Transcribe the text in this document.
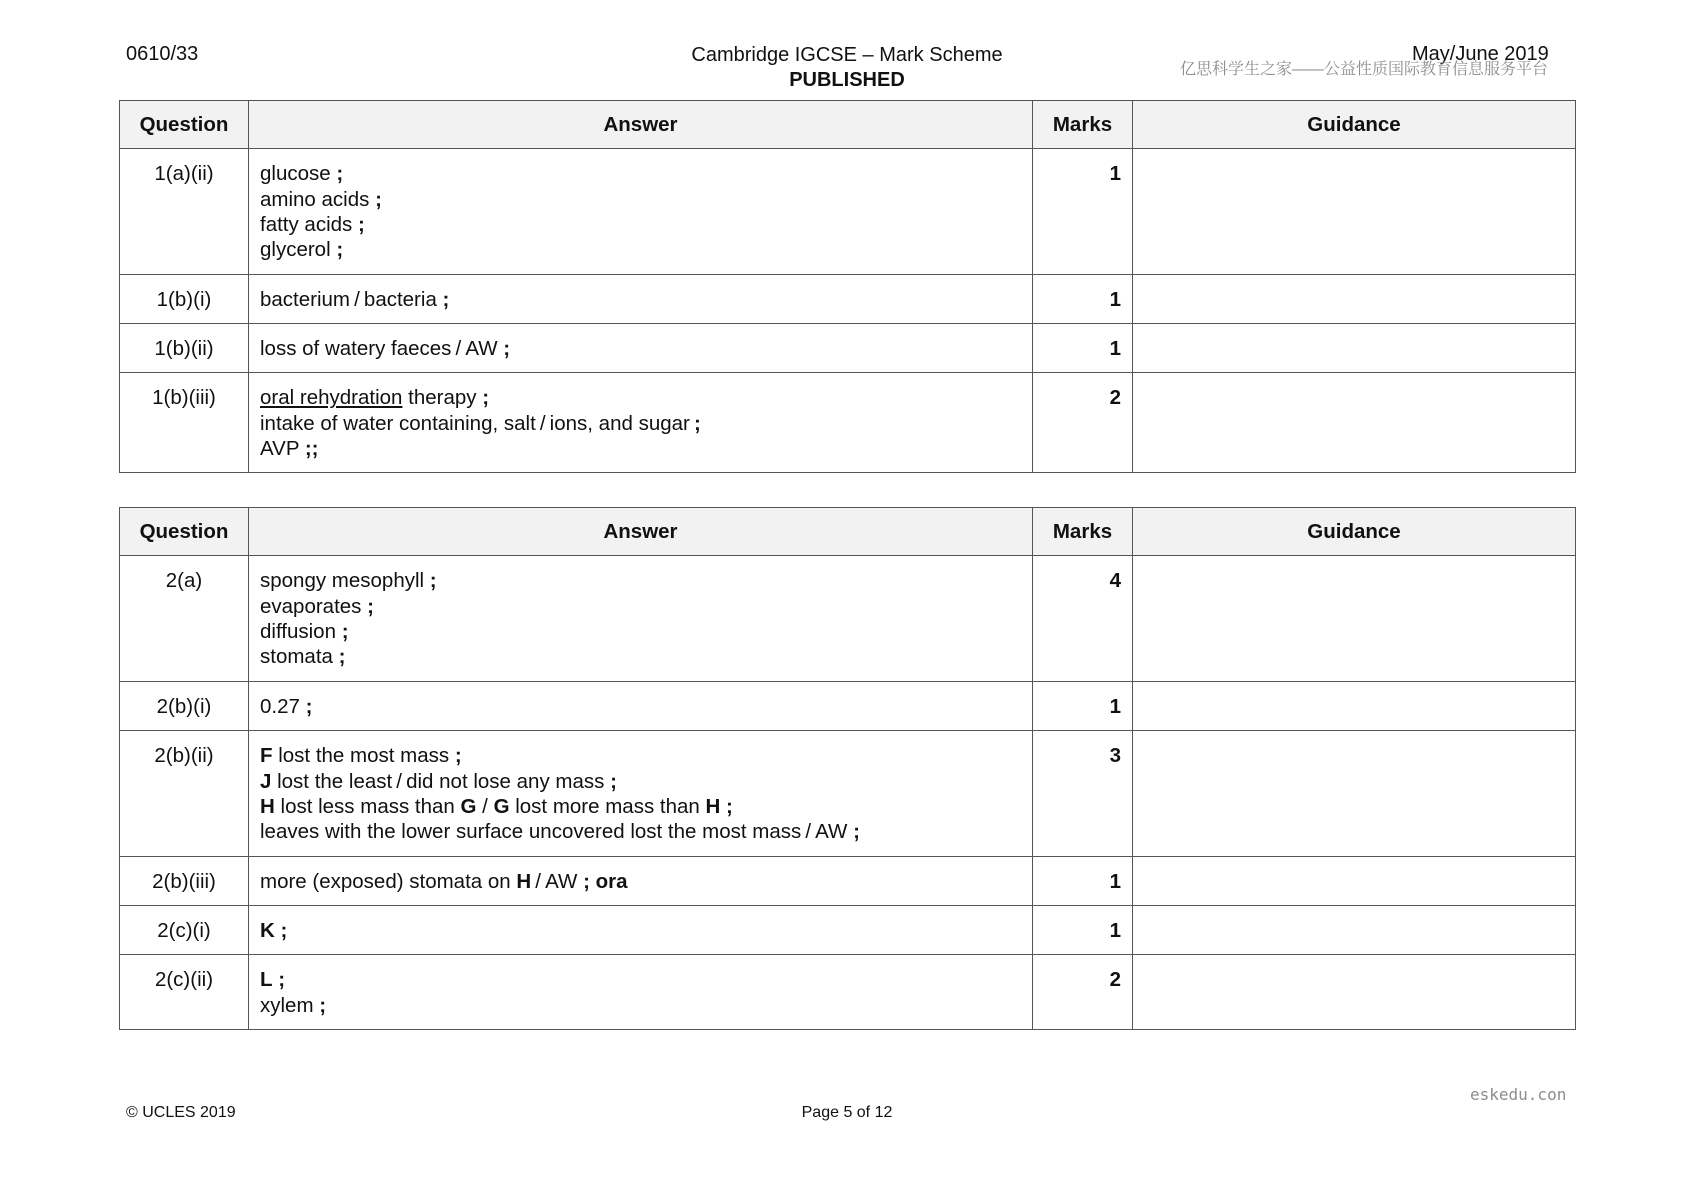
0610/33	Cambridge IGCSE – Mark Scheme
PUBLISHED
May/June 2019
亿思科学生之家——公益性质国际教育信息服务平台
Question	Answer	Marks	Guidance
1(a)(ii)	glucose ;
amino acids ;
fatty acids ;
glycerol ;	1	
1(b)(i)	bacterium / bacteria ;	1	
1(b)(ii)	loss of watery faeces / AW ;	1	
1(b)(iii)	oral rehydration therapy ;
intake of water containing, salt / ions, and sugar ;
AVP ;;	2	
Question	Answer	Marks	Guidance
2(a)	spongy mesophyll ;
evaporates ;
diffusion ;
stomata ;	4	
2(b)(i)	0.27 ;	1	
2(b)(ii)	F lost the most mass ;
J lost the least / did not lose any mass ;
H lost less mass than G / G lost more mass than H ;
leaves with the lower surface uncovered lost the most mass / AW ;	3	
2(b)(iii)	more (exposed) stomata on H / AW ; ora	1	
2(c)(i)	K ;	1	
2(c)(ii)	L ;
xylem ;	2	
eskedu.con
© UCLES 2019	Page 5 of 12
